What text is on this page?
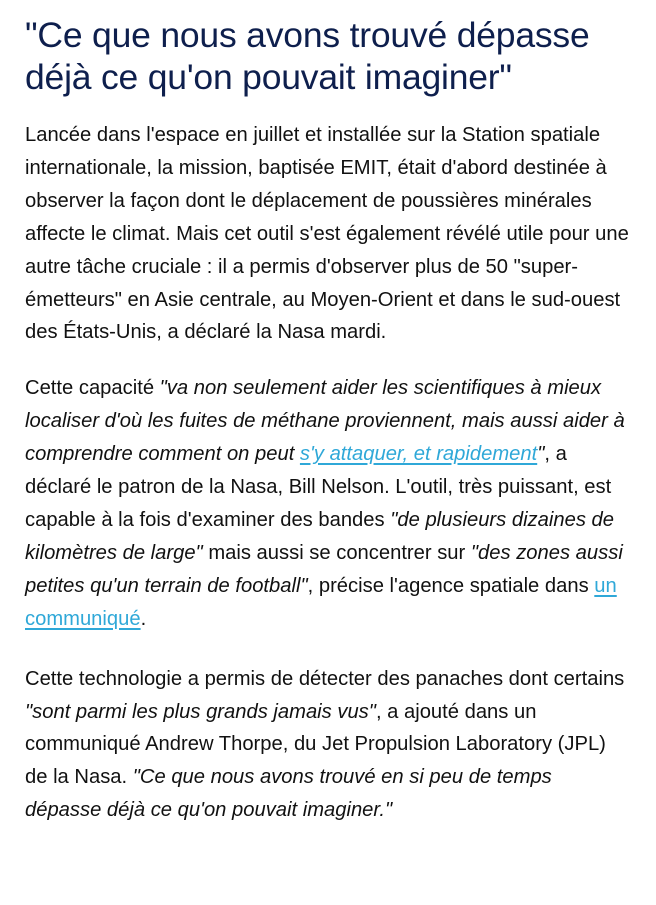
"Ce que nous avons trouvé dépasse déjà ce qu'on pouvait imaginer"

Lancée dans l'espace en juillet et installée sur la Station spatiale internationale, la mission, baptisée EMIT, était d'abord destinée à observer la façon dont le déplacement de poussières minérales affecte le climat. Mais cet outil s'est également révélé utile pour une autre tâche cruciale : il a permis d'observer plus de 50 "super-émetteurs" en Asie centrale, au Moyen-Orient et dans le sud-ouest des États-Unis, a déclaré la Nasa mardi.

Cette capacité "va non seulement aider les scientifiques à mieux localiser d'où les fuites de méthane proviennent, mais aussi aider à comprendre comment on peut s'y attaquer, et rapidement", a déclaré le patron de la Nasa, Bill Nelson. L'outil, très puissant, est capable à la fois d'examiner des bandes "de plusieurs dizaines de kilomètres de large" mais aussi se concentrer sur "des zones aussi petites qu'un terrain de football", précise l'agence spatiale dans un communiqué.

Cette technologie a permis de détecter des panaches dont certains "sont parmi les plus grands jamais vus", a ajouté dans un communiqué Andrew Thorpe, du Jet Propulsion Laboratory (JPL) de la Nasa. "Ce que nous avons trouvé en si peu de temps dépasse déjà ce qu'on pouvait imaginer."
